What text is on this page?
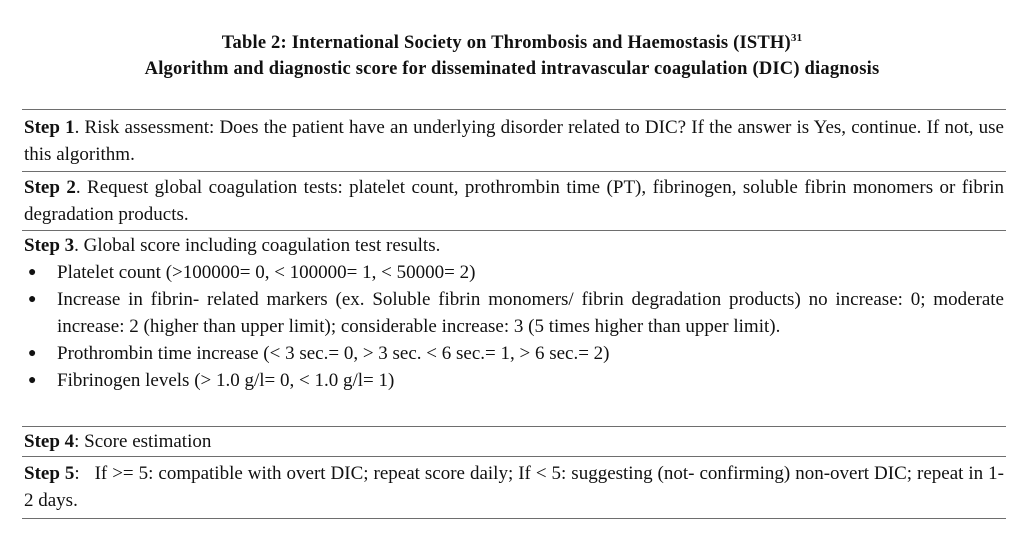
Table 2: International Society on Thrombosis and Haemostasis (ISTH)$^{31}$
Algorithm and diagnostic score for disseminated intravascular coagulation (DIC) diagnosis
Step 1. Risk assessment: Does the patient have an underlying disorder related to DIC? If the answer is Yes, continue. If not, use this algorithm.
Step 2. Request global coagulation tests: platelet count, prothrombin time (PT), fibrinogen, soluble fibrin monomers or fibrin degradation products.
Step 3. Global score including coagulation test results.
● Platelet count (>100000= 0, < 100000= 1, < 50000= 2)
● Increase in fibrin- related markers (ex. Soluble fibrin monomers/ fibrin degradation products) no increase: 0; moderate increase: 2 (higher than upper limit); considerable increase: 3 (5 times higher than upper limit).
● Prothrombin time increase (< 3 sec.= 0, > 3 sec. < 6 sec.= 1, > 6 sec.= 2)
● Fibrinogen levels (> 1.0 g/l= 0, < 1.0 g/l= 1)
Step 4: Score estimation
Step 5:   If >= 5: compatible with overt DIC; repeat score daily; If < 5: suggesting (not- confirming) non-overt DIC; repeat in 1-2 days.
